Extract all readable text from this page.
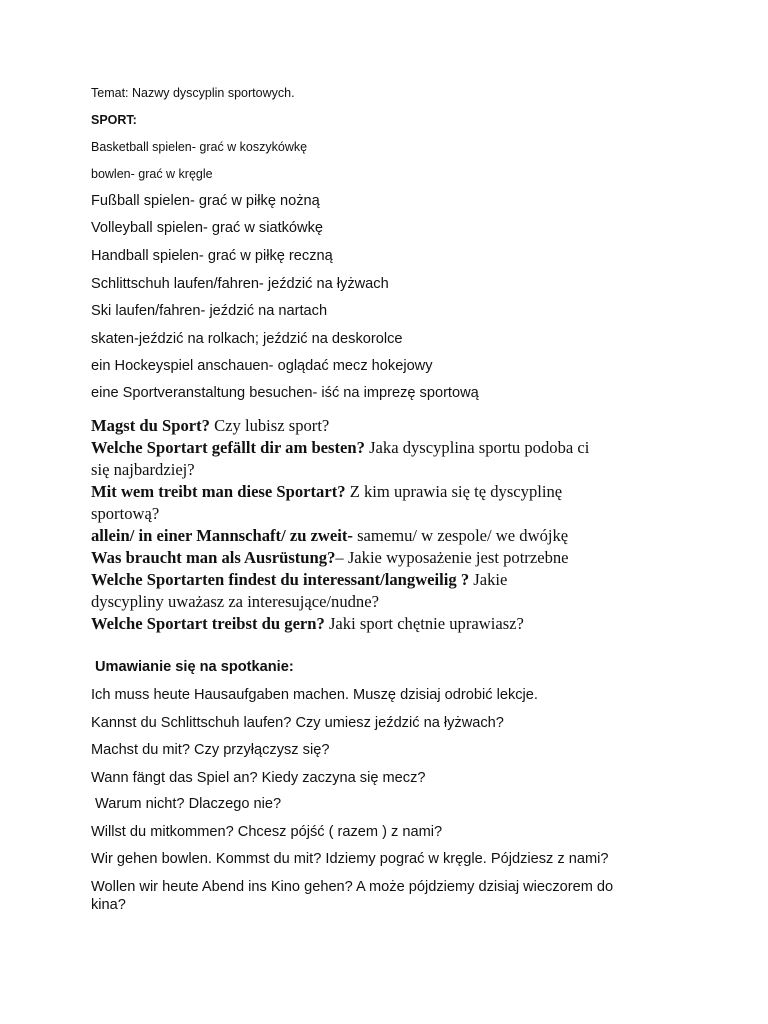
Temat: Nazwy dyscyplin sportowych.
SPORT:
Basketball spielen- grać w koszykówkę
bowlen- grać w kręgle
Fußball spielen- grać w piłkę nożną
Volleyball spielen- grać w siatkówkę
Handball spielen- grać w piłkę reczną
Schlittschuh laufen/fahren- jeździć na łyżwach
Ski laufen/fahren- jeździć na nartach
skaten-jeździć na rolkach; jeździć na deskorolce
ein Hockeyspiel anschauen- oglądać mecz hokejowy
eine Sportveranstaltung besuchen- iść na imprezę sportową
Magst du Sport? Czy lubisz sport?
Welche Sportart gefällt dir am besten? Jaka dyscyplina sportu podoba ci
się najbardziej?
Mit wem treibt man diese Sportart? Z kim uprawia się tę dyscyplinę
sportową?
allein/ in einer Mannschaft/ zu zweit- samemu/ w zespole/ we dwójkę
Was braucht man als Ausrüstung?– Jakie wyposażenie jest potrzebne
Welche Sportarten findest du interessant/langweilig ? Jakie
dyscypliny uważasz za interesujące/nudne?
Welche Sportart treibst du gern? Jaki sport chętnie uprawiasz?
Umawianie się na spotkanie:
Ich muss heute Hausaufgaben machen. Muszę dzisiaj odrobić lekcje.
Kannst du Schlittschuh laufen? Czy umiesz jeździć na łyżwach?
Machst du mit? Czy przyłączysz się?
Wann fängt das Spiel an? Kiedy zaczyna się mecz?
Warum nicht? Dlaczego nie?
Willst du mitkommen? Chcesz pójść ( razem ) z nami?
Wir gehen bowlen. Kommst du mit? Idziemy pograć w kręgle. Pójdziesz z nami?
Wollen wir heute Abend ins Kino gehen? A może pójdziemy dzisiaj wieczorem do
kina?
